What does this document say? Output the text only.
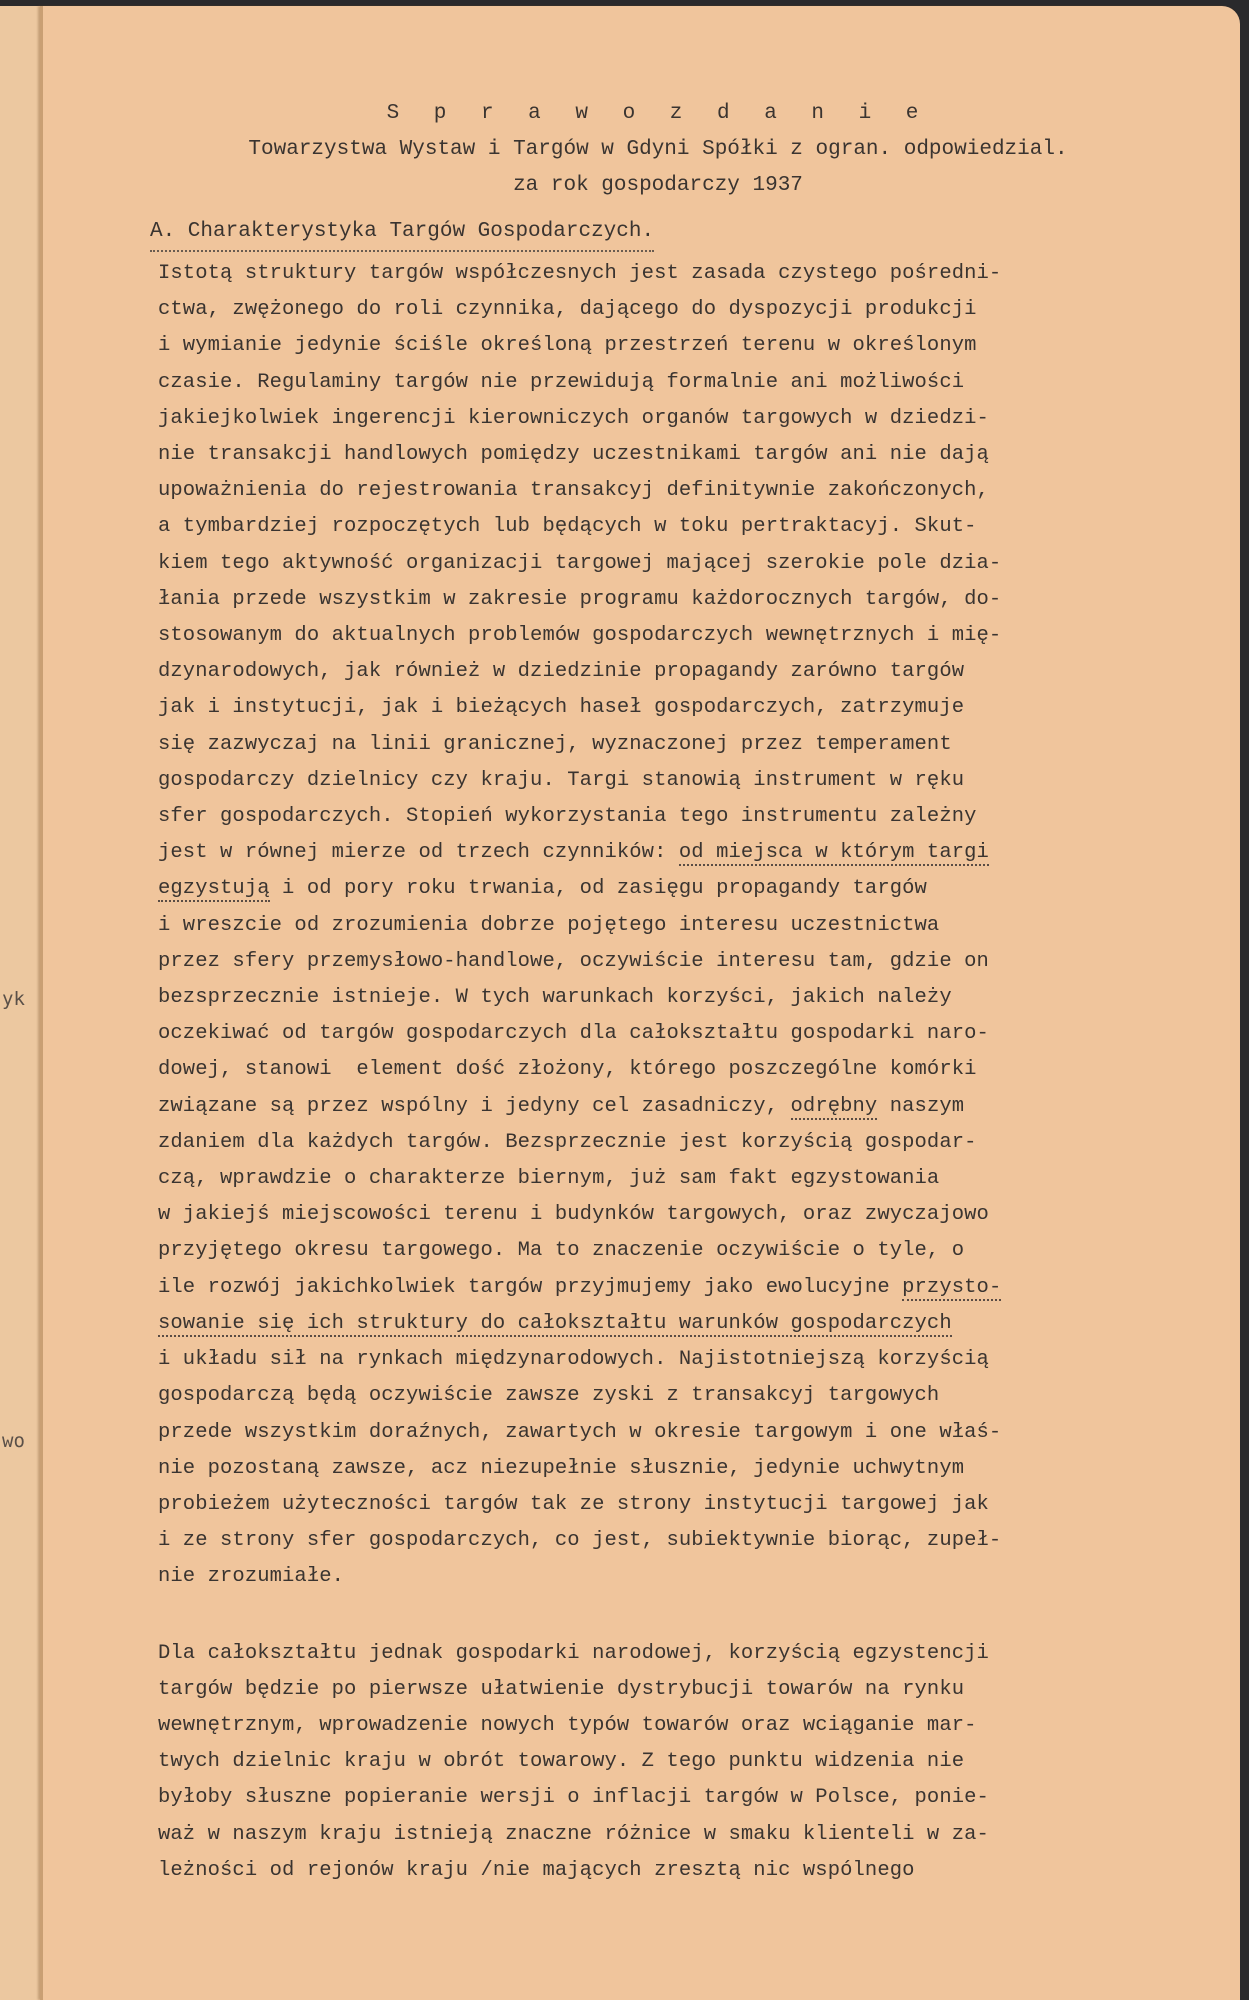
yk
wo
S p r a w o z d a n i e
Towarzystwa Wystaw i Targów w Gdyni Spółki z ogran. odpowiedzial.
za rok gospodarczy 1937
A. Charakterystyka Targów Gospodarczych.

Istotą struktury targów współczesnych jest zasada czystego pośredni-

ctwa, zwężonego do roli czynnika, dającego do dyspozycji produkcji

i wymianie jedynie ściśle określoną przestrzeń terenu w określonym

czasie. Regulaminy targów nie przewidują formalnie ani możliwości

jakiejkolwiek ingerencji kierowniczych organów targowych w dziedzi-

nie transakcji handlowych pomiędzy uczestnikami targów ani nie dają

upoważnienia do rejestrowania transakcyj definitywnie zakończonych,

a tymbardziej rozpoczętych lub będących w toku pertraktacyj. Skut-

kiem tego aktywność organizacji targowej mającej szerokie pole dzia-

łania przede wszystkim w zakresie programu każdorocznych targów, do-

stosowanym do aktualnych problemów gospodarczych wewnętrznych i mię-

dzynarodowych, jak również w dziedzinie propagandy zarówno targów

jak i instytucji, jak i bieżących haseł gospodarczych, zatrzymuje

się zazwyczaj na linii granicznej, wyznaczonej przez temperament

gospodarczy dzielnicy czy kraju. Targi stanowią instrument w ręku

sfer gospodarczych. Stopień wykorzystania tego instrumentu zależny

jest w równej mierze od trzech czynników: od miejsca w którym targi

egzystują i od pory roku trwania, od zasięgu propagandy targów

i wreszcie od zrozumienia dobrze pojętego interesu uczestnictwa

przez sfery przemysłowo-handlowe, oczywiście interesu tam, gdzie on

bezsprzecznie istnieje. W tych warunkach korzyści, jakich należy

oczekiwać od targów gospodarczych dla całokształtu gospodarki naro-

dowej, stanowi  element dość złożony, którego poszczególne komórki

związane są przez wspólny i jedyny cel zasadniczy, odrębny naszym

zdaniem dla każdych targów. Bezsprzecznie jest korzyścią gospodar-

czą, wprawdzie o charakterze biernym, już sam fakt egzystowania

w jakiejś miejscowości terenu i budynków targowych, oraz zwyczajowo

przyjętego okresu targowego. Ma to znaczenie oczywiście o tyle, o

ile rozwój jakichkolwiek targów przyjmujemy jako ewolucyjne przysto-

sowanie się ich struktury do całokształtu warunków gospodarczych

i układu sił na rynkach międzynarodowych. Najistotniejszą korzyścią

gospodarczą będą oczywiście zawsze zyski z transakcyj targowych

przede wszystkim doraźnych, zawartych w okresie targowym i one właś-

nie pozostaną zawsze, acz niezupełnie słusznie, jedynie uchwytnym

probieżem użyteczności targów tak ze strony instytucji targowej jak

i ze strony sfer gospodarczych, co jest, subiektywnie biorąc, zupeł-

nie zrozumiałe.

Dla całokształtu jednak gospodarki narodowej, korzyścią egzystencji

targów będzie po pierwsze ułatwienie dystrybucji towarów na rynku

wewnętrznym, wprowadzenie nowych typów towarów oraz wciąganie mar-

twych dzielnic kraju w obrót towarowy. Z tego punktu widzenia nie

byłoby słuszne popieranie wersji o inflacji targów w Polsce, ponie-

waż w naszym kraju istnieją znaczne różnice w smaku klienteli w za-

leżności od rejonów kraju /nie mających zresztą nic wspólnego
